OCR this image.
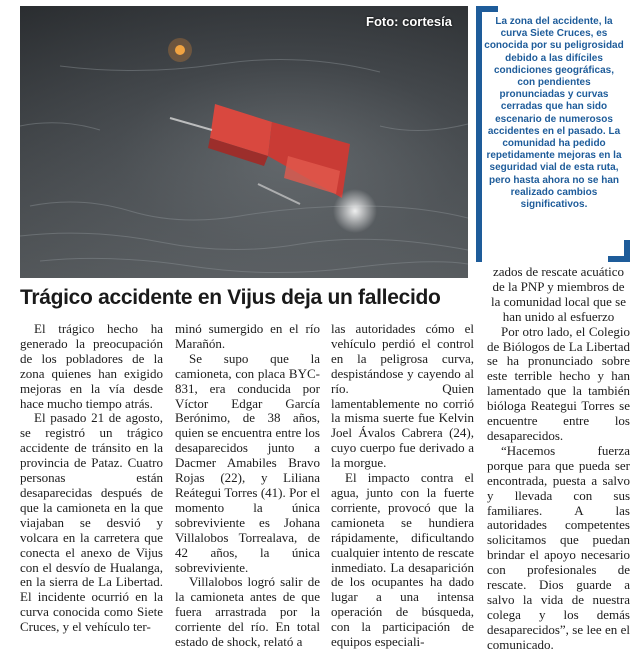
Foto: cortesía	La zona del accidente, la curva Siete Cruces, es conocida por su peligrosidad debido a las difíciles condiciones geográficas, con pendientes pronunciadas y curvas cerradas que han sido escenario de numerosos accidentes en el pasado. La comunidad ha pedido repetidamente mejoras en la seguridad vial de esta ruta, pero hasta ahora no se han realizado cambios significativos.

Trágico accidente en Vijus deja un fallecido

El trágico hecho ha generado la preocupación de los pobladores de la zona quienes han exigido mejoras en la vía desde hace mucho tiempo atrás.

El pasado 21 de agosto, se registró un trágico accidente de tránsito en la provincia de Pataz. Cuatro personas están desaparecidas después de que la camioneta en la que viajaban se desvió y volcara en la carretera que conecta el anexo de Vijus con el desvío de Hualanga, en la sierra de La Libertad. El incidente ocurrió en la curva conocida como Siete Cruces, y el vehículo ter-

minó sumergido en el río Marañón.

Se supo que la camioneta, con placa BYC-831, era conducida por Víctor Edgar García Berónimo, de 38 años, quien se encuentra entre los desaparecidos junto a Dacmer Amabiles Bravo Rojas (22), y Liliana Reátegui Torres (41). Por el momento la única sobreviviente es Johana Villalobos Torrealava, de 42 años, la única sobreviviente.

Villalobos logró salir de la camioneta antes de que fuera arrastrada por la corriente del río. En total estado de shock, relató a

las autoridades cómo el vehículo perdió el control en la peligrosa curva, despistándose y cayendo al río. Quien lamentablemente no corrió la misma suerte fue Kelvin Joel Ávalos Cabrera (24), cuyo cuerpo fue derivado a la morgue.

El impacto contra el agua, junto con la fuerte corriente, provocó que la camioneta se hundiera rápidamente, dificultando cualquier intento de rescate inmediato. La desaparición de los ocupantes ha dado lugar a una intensa operación de búsqueda, con la participación de equipos especiali-

zados de rescate acuático de la PNP y miembros de la comunidad local que se han unido al esfuerzo

Por otro lado, el Colegio de Biólogos de La Libertad se ha pronunciado sobre este terrible hecho y han lamentado que la también bióloga Reategui Torres se encuentre entre los desaparecidos.

“Hacemos fuerza porque para que pueda ser encontrada, puesta a salvo y llevada con sus familiares. A las autoridades competentes solicitamos que puedan brindar el apoyo necesario con profesionales de rescate. Dios guarde a salvo la vida de nuestra colega y los demás desaparecidos”, se lee en el comunicado.
